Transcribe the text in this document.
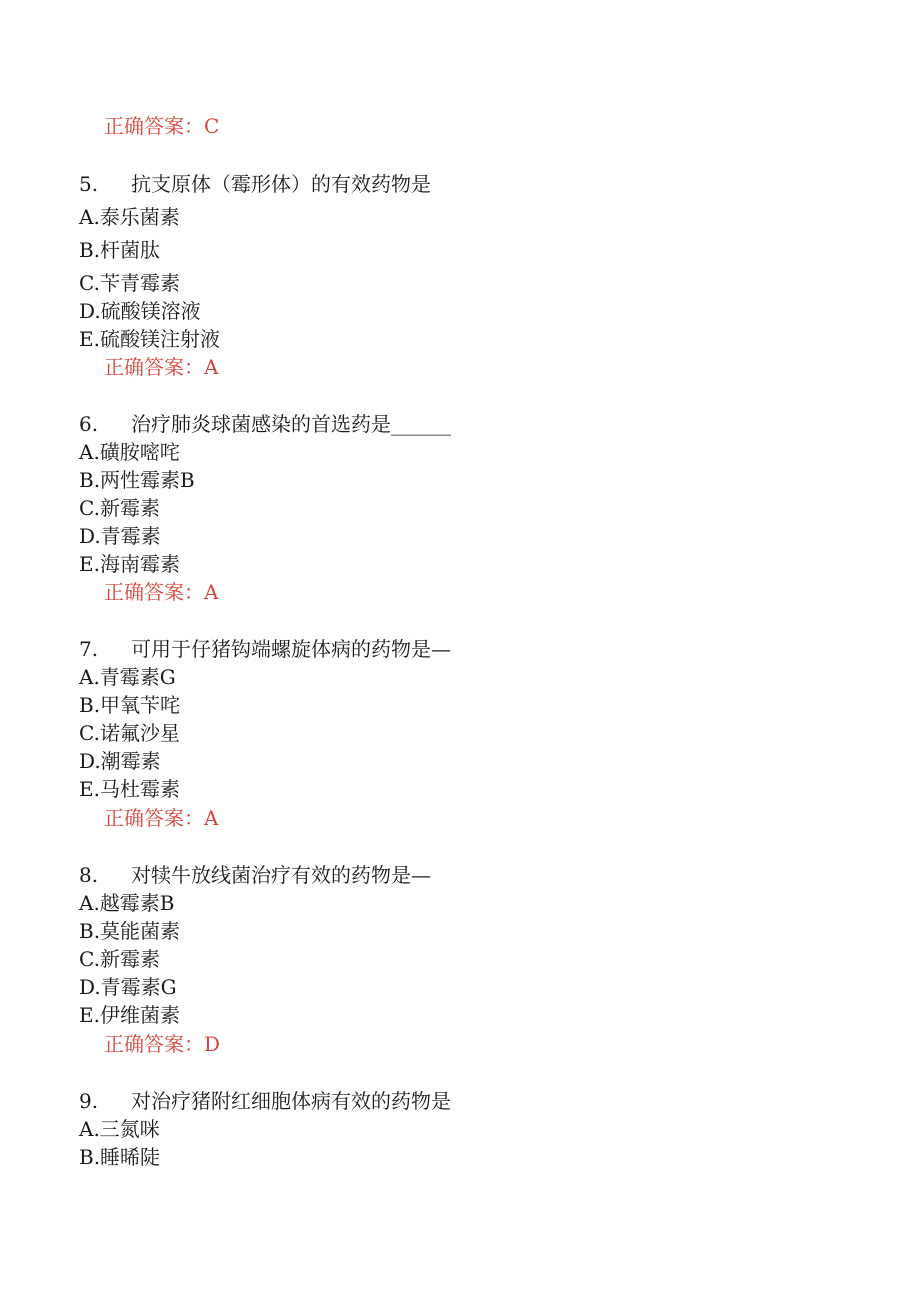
正确答案：C
5. 抗支原体（霉形体）的有效药物是
A.泰乐菌素
B.杆菌肽
C.苄青霉素
D.硫酸镁溶液
E.硫酸镁注射液
正确答案：A
6. 治疗肺炎球菌感染的首选药是______
A.磺胺嘧咤
B.两性霉素B
C.新霉素
D.青霉素
E.海南霉素
正确答案：A
7. 可用于仔猪钩端螺旋体病的药物是—
A.青霉素G
B.甲氧苄咤
C.诺氟沙星
D.潮霉素
E.马杜霉素
正确答案：A
8. 对犊牛放线菌治疗有效的药物是—
A.越霉素B
B.莫能菌素
C.新霉素
D.青霉素G
E.伊维菌素
正确答案：D
9. 对治疗猪附红细胞体病有效的药物是
A.三氮咪
B.睡晞陡
